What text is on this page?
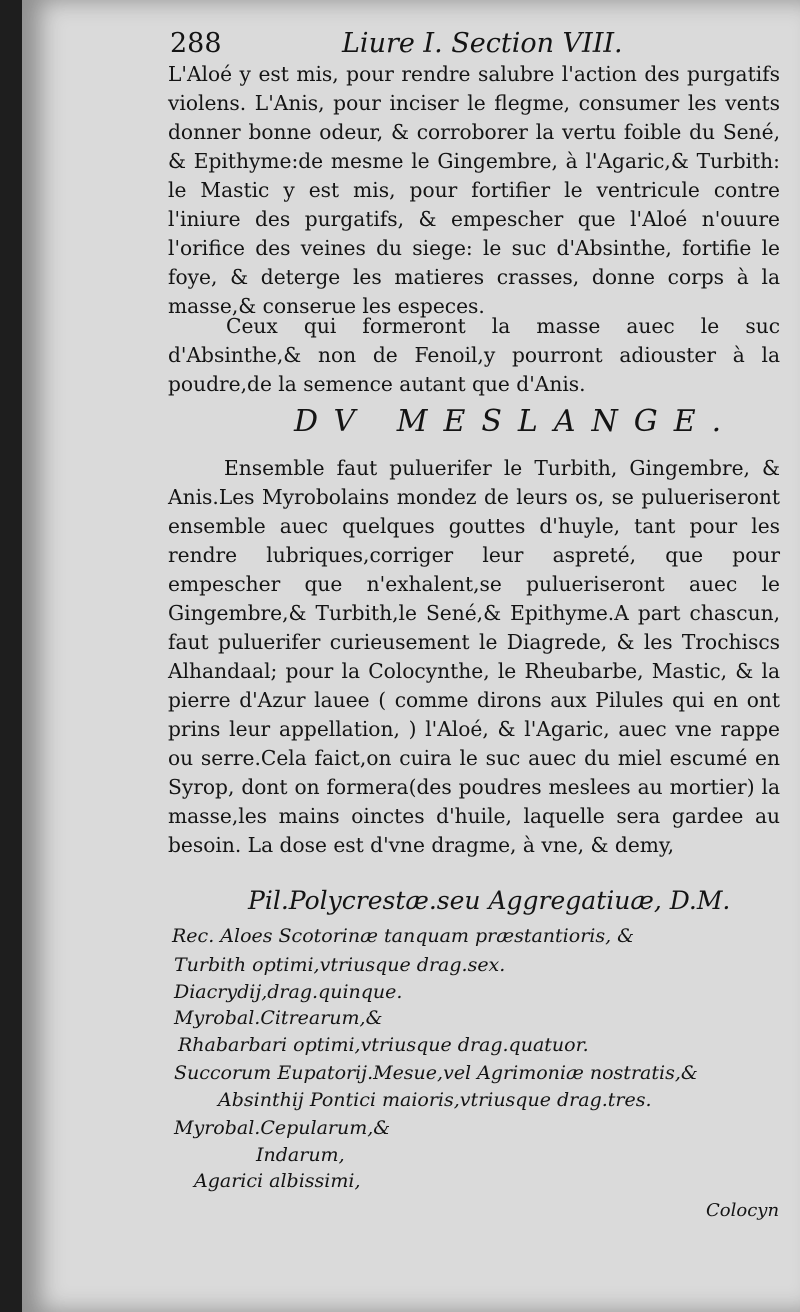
288	Liure I. Section VIII.

L'Aloé y est mis, pour rendre salubre l'action des purgatifs violens. L'Anis, pour inciser le flegme, consumer les vents donner bonne odeur, & corroborer la vertu foible du Sené, & Epithyme:de mesme le Gingembre, à l'Agaric,& Turbith: le Mastic y est mis, pour fortifier le ventricule contre l'iniure des purgatifs, & empescher que l'Aloé n'ouure l'orifice des veines du siege: le suc d'Absinthe, fortifie le foye, & deterge les matieres crasses, donne corps à la masse,& conserue les especes.

Ceux qui formeront la masse auec le suc d'Absinthe,& non de Fenoil,y pourront adiouster à la poudre,de la semence autant que d'Anis.

DV MESLANGE.

Ensemble faut puluerifer le Turbith, Gingembre, & Anis.Les Myrobolains mondez de leurs os, se pulueriseront ensemble auec quelques gouttes d'huyle, tant pour les rendre lubriques,corriger leur aspreté, que pour empescher que n'exhalent,se pulueriseront auec le Gingembre,& Turbith,le Sené,& Epithyme.A part chascun, faut puluerifer curieusement le Diagrede, & les Trochiscs Alhandaal; pour la Colocynthe, le Rheubarbe, Mastic, & la pierre d'Azur lauee ( comme dirons aux Pilules qui en ont prins leur appellation, ) l'Aloé, & l'Agaric, auec vne rappe ou serre.Cela faict,on cuira le suc auec du miel escumé en Syrop, dont on formera(des poudres meslees au mortier) la masse,les mains oinctes d'huile, laquelle sera gardee au besoin. La dose est d'vne dragme, à vne, & demy,

Pil.Polycrestæ.seu Aggregatiuæ, D.M.
Rec. Aloes Scotorinæ tanquam præstantioris, &
Turbith optimi,vtriusque drag.sex.
Diacrydij,drag.quinque.
Myrobal.Citrearum,&
Rhabarbari optimi,vtriusque drag.quatuor.
Succorum Eupatorij.Mesue,vel Agrimoniæ nostratis,&
Absinthij Pontici maioris,vtriusque drag.tres.
Myrobal.Cepularum,&
Indarum,
Agarici albissimi,
Colocyn
